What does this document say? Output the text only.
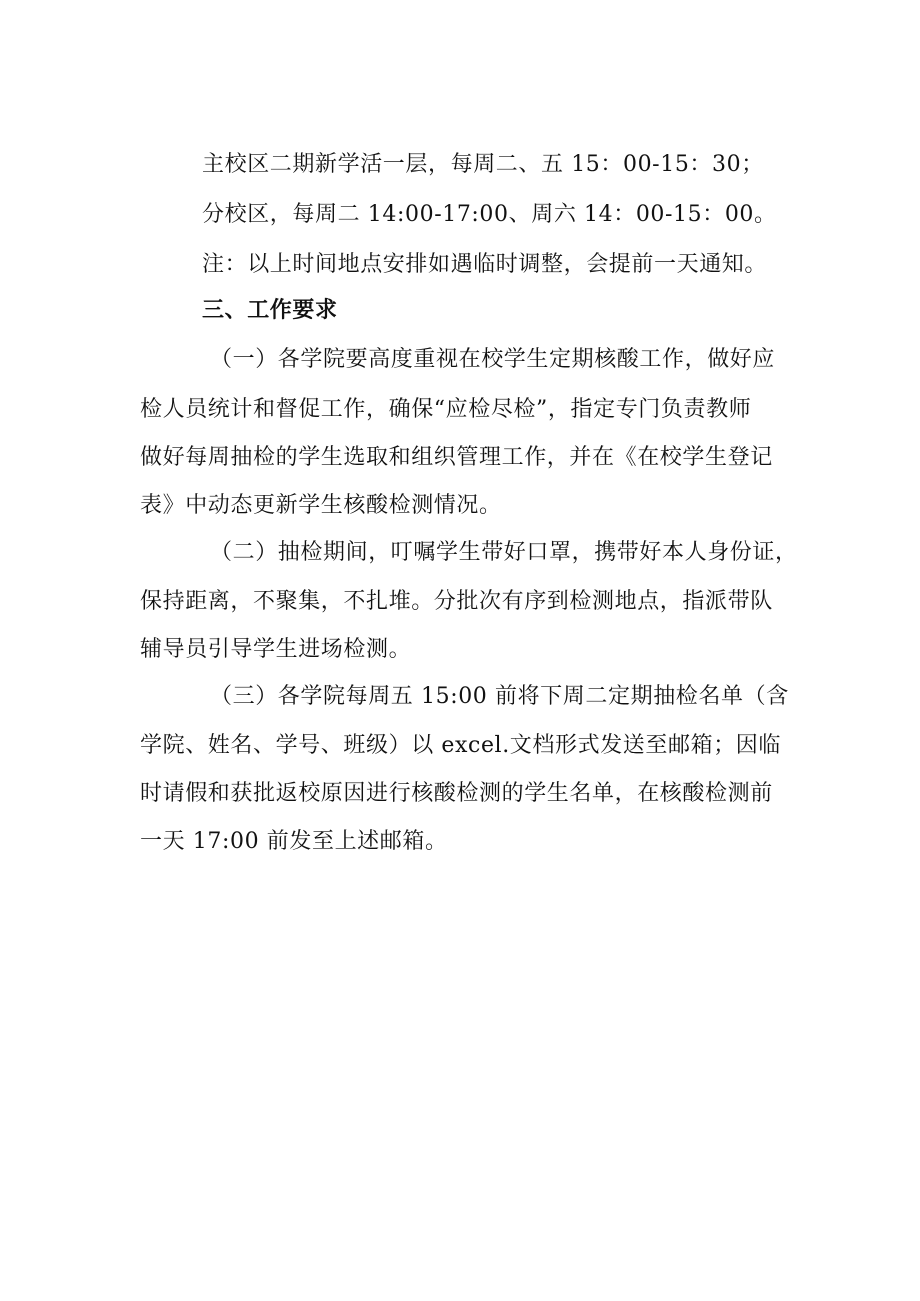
主校区二期新学活一层，每周二、五 15：00-15：30；
分校区，每周二 14:00-17:00、周六 14：00-15：00。
注：以上时间地点安排如遇临时调整，会提前一天通知。
三、工作要求
（一）各学院要高度重视在校学生定期核酸工作，做好应
检人员统计和督促工作，确保“应检尽检”，指定专门负责教师
做好每周抽检的学生选取和组织管理工作，并在《在校学生登记
表》中动态更新学生核酸检测情况。
（二）抽检期间，叮嘱学生带好口罩，携带好本人身份证，
保持距离，不聚集，不扎堆。分批次有序到检测地点，指派带队
辅导员引导学生进场检测。
（三）各学院每周五 15:00 前将下周二定期抽检名单（含
学院、姓名、学号、班级）以 excel.文档形式发送至邮箱；因临
时请假和获批返校原因进行核酸检测的学生名单，在核酸检测前
一天 17:00 前发至上述邮箱。
